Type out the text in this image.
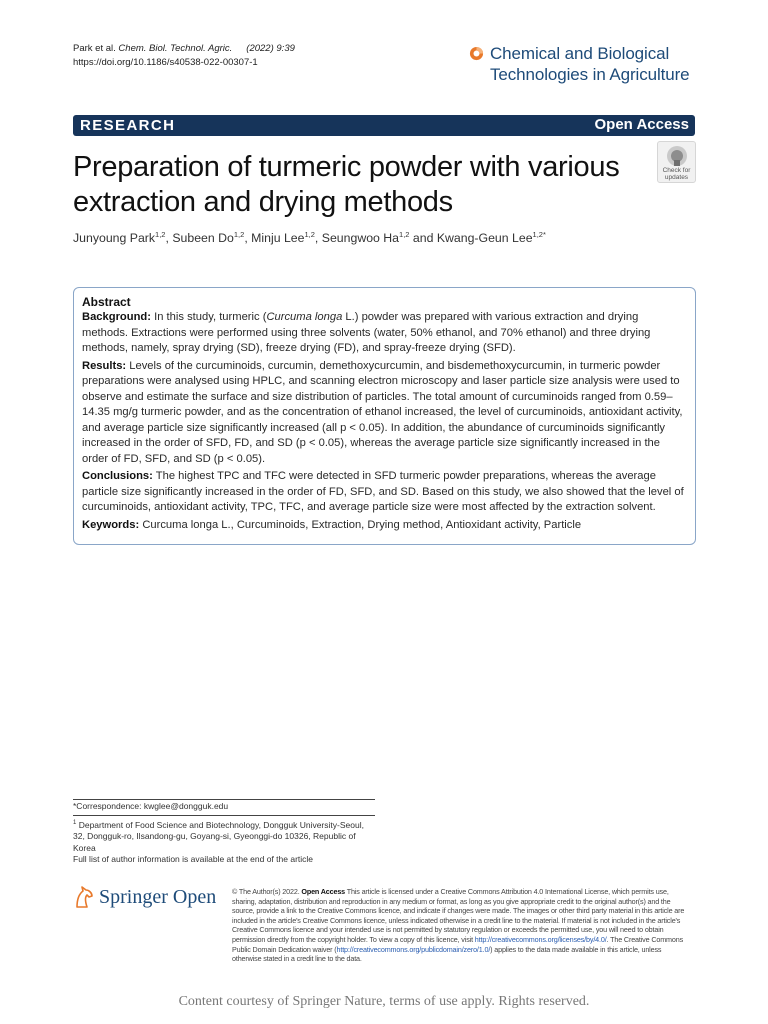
Park et al. Chem. Biol. Technol. Agric. (2022) 9:39
https://doi.org/10.1186/s40538-022-00307-1	Chemical and Biological
Technologies in Agriculture
RESEARCH	Open Access
Preparation of turmeric powder with various extraction and drying methods
Check for
updates
Junyoung Park$^{1,2}$, Subeen Do$^{1,2}$, Minju Lee$^{1,2}$, Seungwoo Ha$^{1,2}$ and Kwang-Geun Lee$^{1,2*}$
Abstract

Background: In this study, turmeric (Curcuma longa L.) powder was prepared with various extraction and drying methods. Extractions were performed using three solvents (water, 50% ethanol, and 70% ethanol) and three drying methods, namely, spray drying (SD), freeze drying (FD), and spray-freeze drying (SFD).

Results: Levels of the curcuminoids, curcumin, demethoxycurcumin, and bisdemethoxycurcumin, in turmeric powder preparations were analysed using HPLC, and scanning electron microscopy and laser particle size analysis were used to observe and estimate the surface and size distribution of particles. The total amount of curcuminoids ranged from 0.59–14.35 mg/g turmeric powder, and as the concentration of ethanol increased, the level of curcuminoids, antioxidant activity, and average particle size significantly increased (all p < 0.05). In addition, the abundance of curcuminoids significantly increased in the order of SFD, FD, and SD (p < 0.05), whereas the average particle size significantly increased in the order of FD, SFD, and SD (p < 0.05).

Conclusions: The highest TPC and TFC were detected in SFD turmeric powder preparations, whereas the average particle size significantly increased in the order of FD, SFD, and SD. Based on this study, we also showed that the level of curcuminoids, antioxidant activity, TPC, TFC, and average particle size were most affected by the extraction solvent.

Keywords: Curcuma longa L., Curcuminoids, Extraction, Drying method, Antioxidant activity, Particle

*Correspondence: kwglee@dongguk.edu
$^1$ Department of Food Science and Biotechnology, Dongguk University-Seoul, 32, Dongguk-ro, Ilsandong-gu, Goyang-si, Gyeonggi-do 10326, Republic of Korea
Full list of author information is available at the end of the article
Springer Open © The Author(s) 2022. Open Access This article is licensed under a Creative Commons Attribution 4.0 International License, which permits use, sharing, adaptation, distribution and reproduction in any medium or format, as long as you give appropriate credit to the original author(s) and the source, provide a link to the Creative Commons licence, and indicate if changes were made. The images or other third party material in this article are included in the article's Creative Commons licence, unless indicated otherwise in a credit line to the material. If material is not included in the article's Creative Commons licence and your intended use is not permitted by statutory regulation or exceeds the permitted use, you will need to obtain permission directly from the copyright holder. To view a copy of this licence, visit http://creativecommons.org/licenses/by/4.0/. The Creative Commons Public Domain Dedication waiver (http://creativecommons.org/publicdomain/zero/1.0/) applies to the data made available in this article, unless otherwise stated in a credit line to the data.
Content courtesy of Springer Nature, terms of use apply. Rights reserved.
